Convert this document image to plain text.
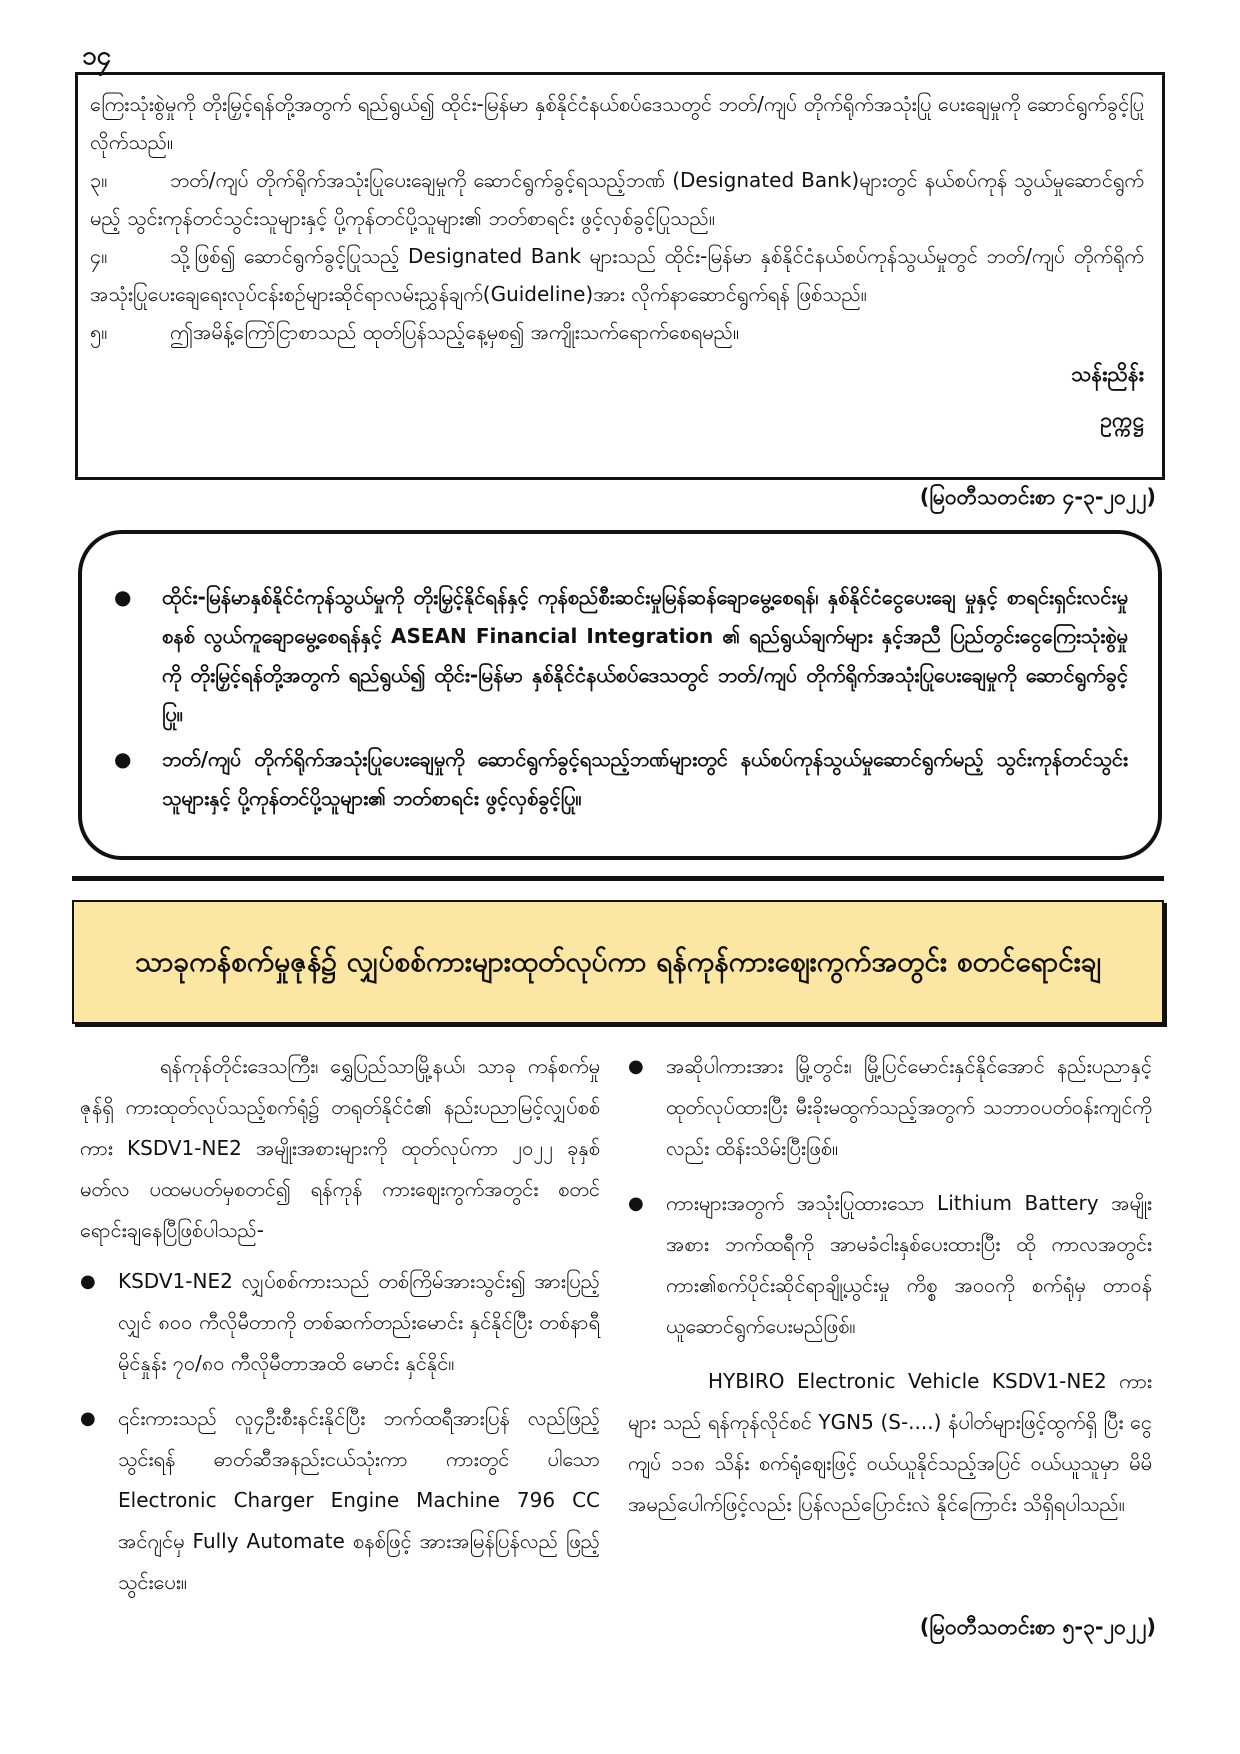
၁၄

ကြေးသုံးစွဲမှုကို တိုးမြှင့်ရန်တို့အတွက် ရည်ရွယ်၍ ထိုင်း-မြန်မာ နှစ်နိုင်ငံနယ်စပ်ဒေသတွင် ဘတ်/ကျပ် တိုက်ရိုက်အသုံးပြု ပေးချေမှုကို ဆောင်ရွက်ခွင့်ပြုလိုက်သည်။

၃။	ဘတ်/ကျပ် တိုက်ရိုက်အသုံးပြုပေးချေမှုကို ဆောင်ရွက်ခွင့်ရသည့်ဘဏ် (Designated Bank)များတွင် နယ်စပ်ကုန် သွယ်မှုဆောင်ရွက်မည့် သွင်းကုန်တင်သွင်းသူများနှင့် ပို့ကုန်တင်ပို့သူများ၏ ဘတ်စာရင်း ဖွင့်လှစ်ခွင့်ပြုသည်။

၄။	သို့ဖြစ်၍ ဆောင်ရွက်ခွင့်ပြုသည့် Designated Bank များသည် ထိုင်း-မြန်မာ နှစ်နိုင်ငံနယ်စပ်ကုန်သွယ်မှုတွင် ဘတ်/ကျပ် တိုက်ရိုက်အသုံးပြုပေးချေရေးလုပ်ငန်းစဉ်များဆိုင်ရာလမ်းညွှန်ချက်(Guideline)အား လိုက်နာဆောင်ရွက်ရန် ဖြစ်သည်။

၅။	ဤအမိန့်ကြော်ငြာစာသည် ထုတ်ပြန်သည့်နေ့မှစ၍ အကျိုးသက်ရောက်စေရမည်။

သန်းညိန်း

ဥက္ကဋ္ဌ

(မြဝတီသတင်းစာ ၄-၃-၂၀၂၂)
● ထိုင်း-မြန်မာနှစ်နိုင်ငံကုန်သွယ်မှုကို တိုးမြှင့်နိုင်ရန်နှင့် ကုန်စည်စီးဆင်းမှုမြန်ဆန်ချောမွေ့စေရန်၊ နှစ်နိုင်ငံငွေပေးချေ မှုနှင့် စာရင်းရှင်းလင်းမှုစနစ် လွယ်ကူချောမွေ့စေရန်နှင့် ASEAN Financial Integration ၏ ရည်ရွယ်ချက်များ နှင့်အညီ ပြည်တွင်းငွေကြေးသုံးစွဲမှုကို တိုးမြှင့်ရန်တို့အတွက် ရည်ရွယ်၍ ထိုင်း-မြန်မာ နှစ်နိုင်ငံနယ်စပ်ဒေသတွင် ဘတ်/ကျပ် တိုက်ရိုက်အသုံးပြုပေးချေမှုကို ဆောင်ရွက်ခွင့်ပြု။
● ဘတ်/ကျပ် တိုက်ရိုက်အသုံးပြုပေးချေမှုကို ဆောင်ရွက်ခွင့်ရသည့်ဘဏ်များတွင် နယ်စပ်ကုန်သွယ်မှုဆောင်ရွက်မည့် သွင်းကုန်တင်သွင်းသူများနှင့် ပို့ကုန်တင်ပို့သူများ၏ ဘတ်စာရင်း ဖွင့်လှစ်ခွင့်ပြု။
သာခုကန်စက်မှုဇုန်၌ လျှပ်စစ်ကားများထုတ်လုပ်ကာ ရန်ကုန်ကားဈေးကွက်အတွင်း စတင်ရောင်းချ

ရန်ကုန်တိုင်းဒေသကြီး၊ ရွှေပြည်သာမြို့နယ်၊ သာခု ကန်စက်မှုဇုန်ရှိ ကားထုတ်လုပ်သည့်စက်ရုံ၌ တရုတ်နိုင်ငံ၏ နည်းပညာမြင့်လျှပ်စစ်ကား KSDV1-NE2 အမျိုးအစားများကို ထုတ်လုပ်ကာ ၂၀၂၂ ခုနှစ် မတ်လ ပထမပတ်မှစတင်၍ ရန်ကုန် ကားဈေးကွက်အတွင်း စတင်ရောင်းချနေပြီဖြစ်ပါသည်-

● KSDV1-NE2 လျှပ်စစ်ကားသည် တစ်ကြိမ်အားသွင်း၍ အားပြည့်လျှင် ၈၀၀ ကီလိုမီတာကို တစ်ဆက်တည်းမောင်း နှင်နိုင်ပြီး တစ်နာရီမိုင်နှုန်း ၇၀/၈၀ ကီလိုမီတာအထိ မောင်း နှင်နိုင်။
● ၎င်းကားသည် လူ၄ဦးစီးနင်းနိုင်ပြီး ဘက်ထရီအားပြန် လည်ဖြည့်သွင်းရန် ဓာတ်ဆီအနည်းငယ်သုံးကာ ကားတွင် ပါသော Electronic Charger Engine Machine 796 CC အင်ဂျင်မှ Fully Automate စနစ်ဖြင့် အားအမြန်ပြန်လည် ဖြည့်သွင်းပေး။
● အဆိုပါကားအား မြို့တွင်း၊ မြို့ပြင်မောင်းနှင်နိုင်အောင် နည်းပညာနှင့်ထုတ်လုပ်ထားပြီး မီးခိုးမထွက်သည့်အတွက် သဘာဝပတ်ဝန်းကျင်ကိုလည်း ထိန်းသိမ်းပြီးဖြစ်။
● ကားများအတွက် အသုံးပြုထားသော Lithium Battery အမျိုးအစား ဘက်ထရီကို အာမခံငါးနှစ်ပေးထားပြီး ထို ကာလအတွင်း ကား၏စက်ပိုင်းဆိုင်ရာချို့ယွင်းမှု ကိစ္စ အဝဝကို စက်ရုံမှ တာဝန်ယူဆောင်ရွက်ပေးမည်ဖြစ်။

HYBIRO Electronic Vehicle KSDV1-NE2 ကားများ သည် ရန်ကုန်လိုင်စင် YGN5 (S-....) နံပါတ်များဖြင့်ထွက်ရှိ ပြီး ငွေကျပ် ၁၁၈ သိန်း စက်ရုံဈေးဖြင့် ဝယ်ယူနိုင်သည့်အပြင် ဝယ်ယူသူမှာ မိမိအမည်ပေါက်ဖြင့်လည်း ပြန်လည်ပြောင်းလဲ နိုင်ကြောင်း သိရှိရပါသည်။

(မြဝတီသတင်းစာ ၅-၃-၂၀၂၂)
